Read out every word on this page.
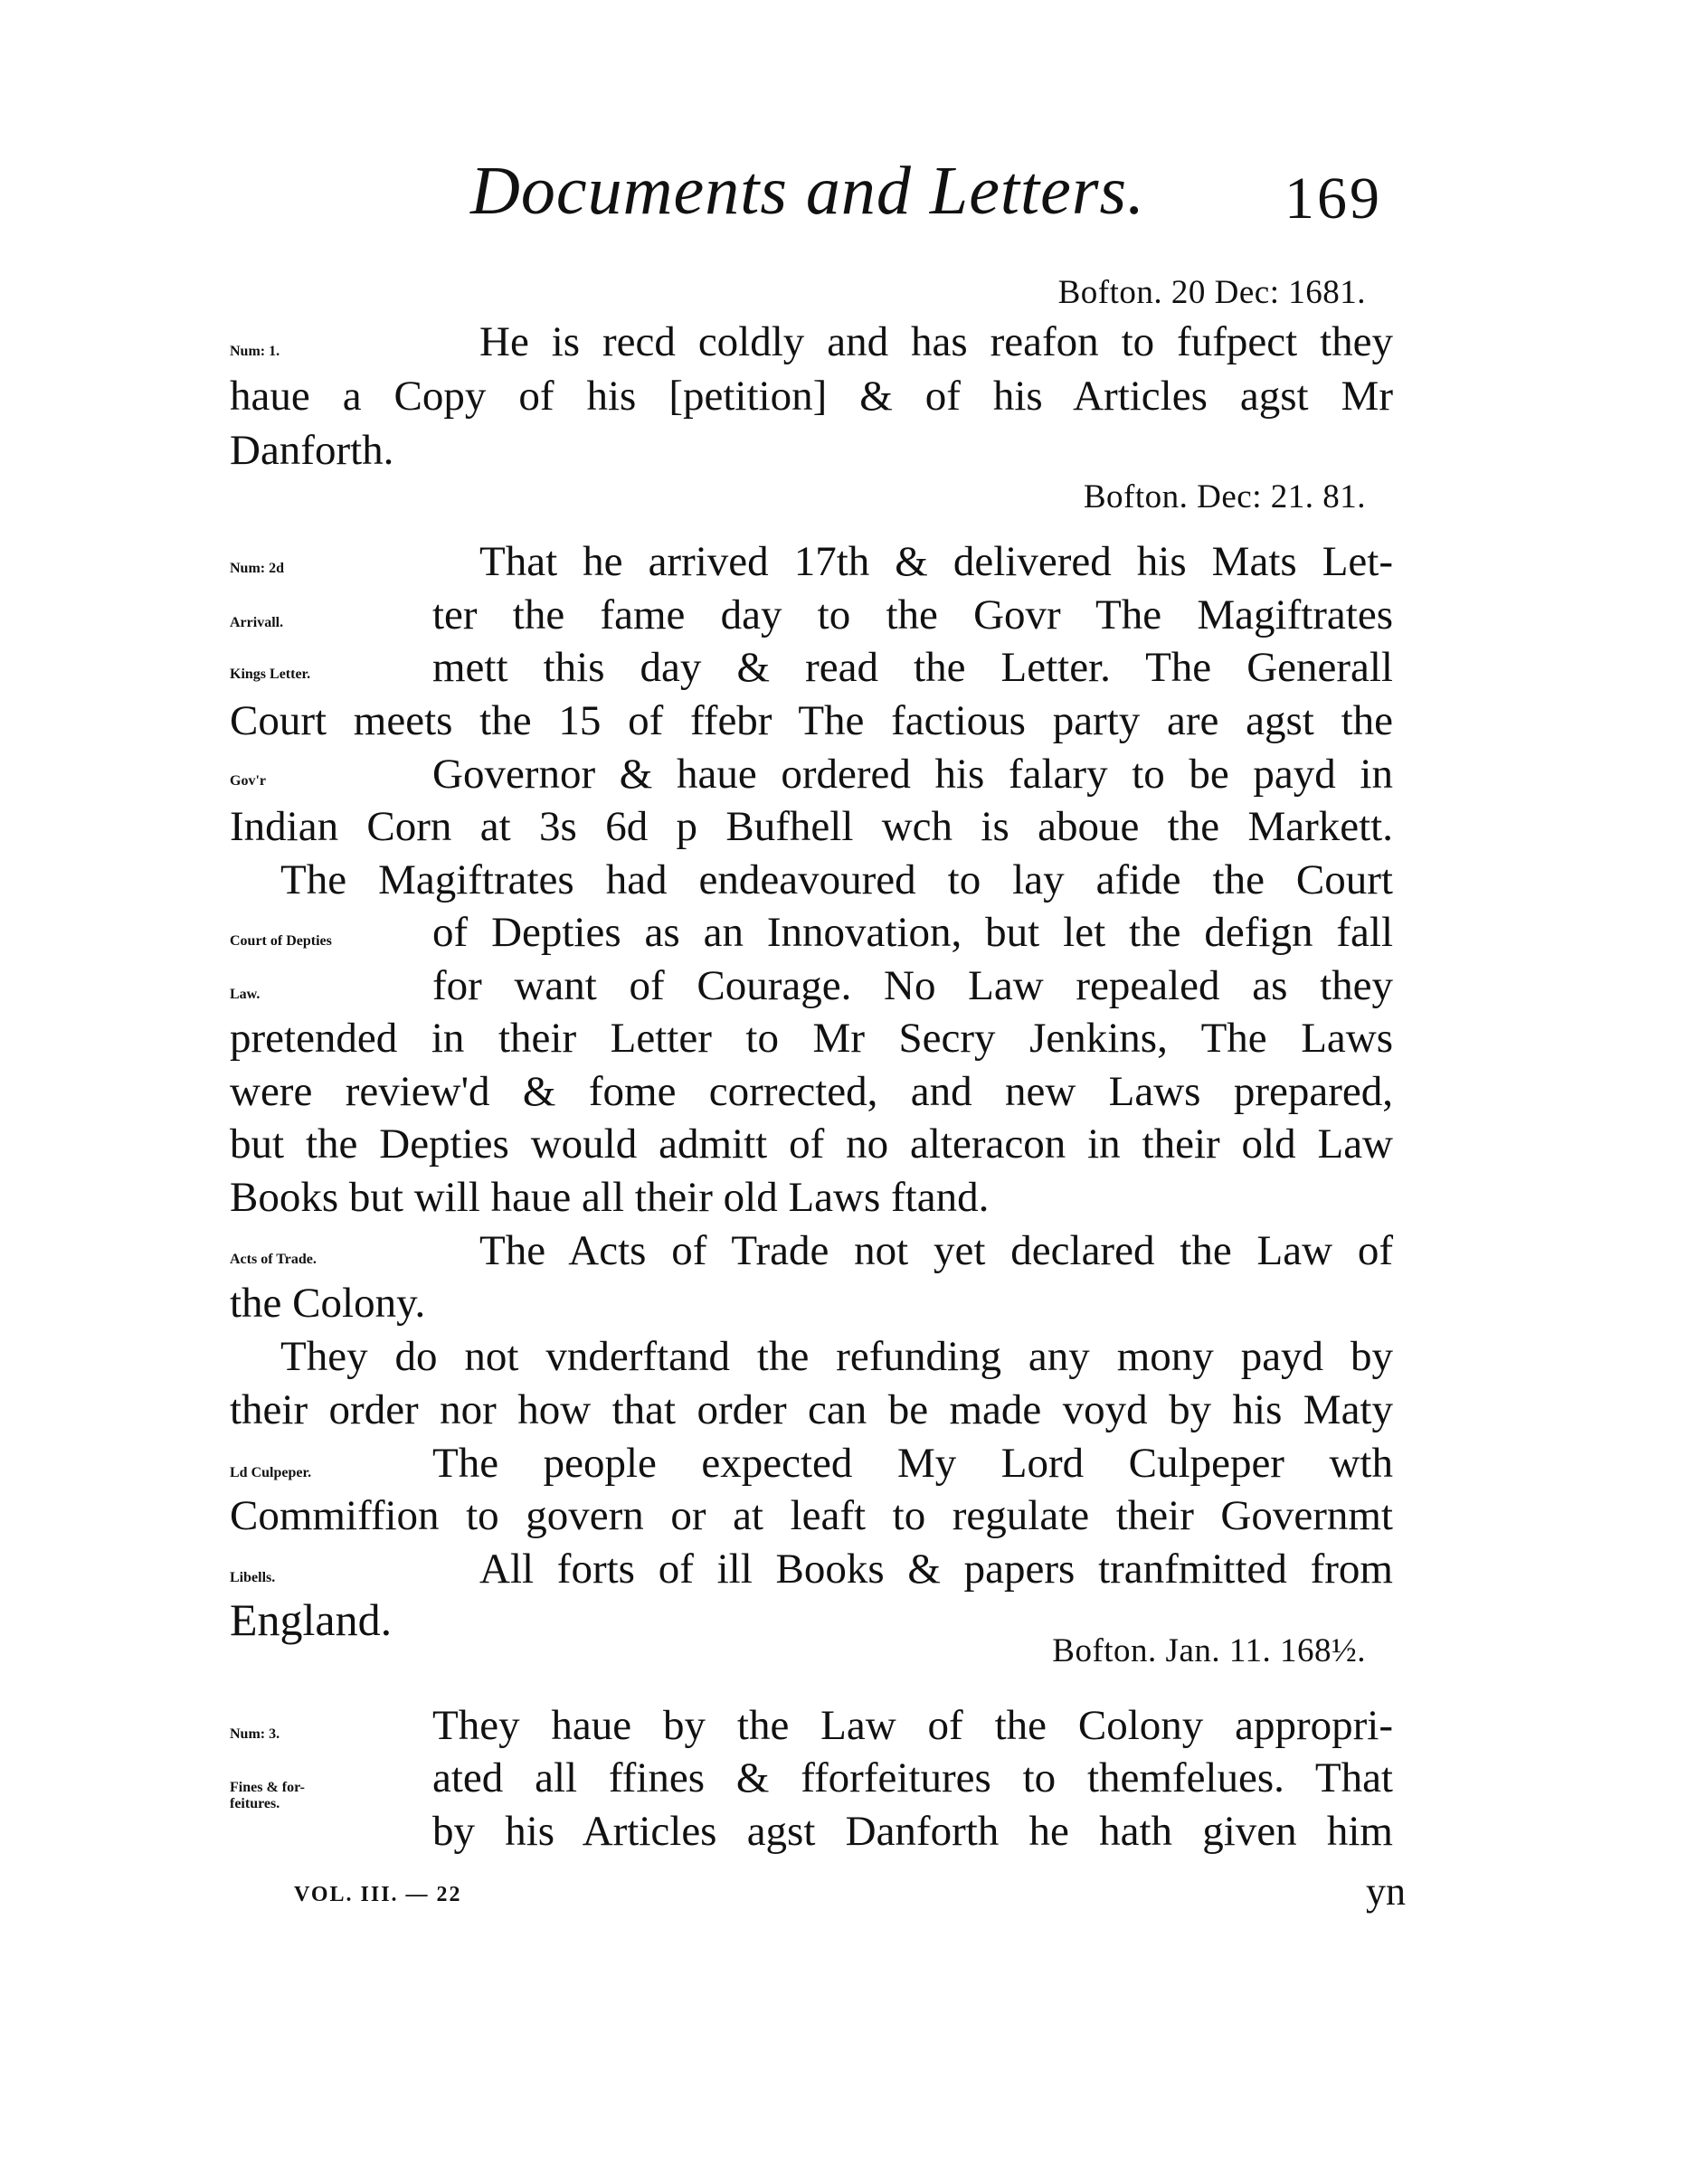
Documents and Letters. 169
Bofton. 20 Dec: 1681.
Bofton. Dec: 21. 81.
Bofton. Jan. 11. 168½.
Num: 1.
Num: 2d
Arrivall.
Kings Letter.
Gov'r
Court of Depties
Law.
Acts of Trade.
Ld Culpeper.
Libells.
Num: 3.
Fines & for-
feitures.
He is recd coldly and has reafon to fufpect they
haue a Copy of his [petition] & of his Articles agst Mr
Danforth.
That he arrived 17th & delivered his Mats Let-
ter the fame day to the Govr The Magiftrates
mett this day & read the Letter. The Generall
Court meets the 15 of ffebr The factious party are agst the
Governor & haue ordered his falary to be payd in
Indian Corn at 3s 6d p Bufhell wch is aboue the Markett.
The Magiftrates had endeavoured to lay afide the Court
of Depties as an Innovation, but let the defign fall
for want of Courage. No Law repealed as they
pretended in their Letter to Mr Secry Jenkins, The Laws
were review'd & fome corrected, and new Laws prepared,
but the Depties would admitt of no alteracon in their old Law
Books but will haue all their old Laws ftand.
The Acts of Trade not yet declared the Law of
the Colony.
They do not vnderftand the refunding any mony payd by
their order nor how that order can be made voyd by his Maty
The people expected My Lord Culpeper wth
Commiffion to govern or at leaft to regulate their Governmt
All forts of ill Books & papers tranfmitted from
England.
They haue by the Law of the Colony appropri-
ated all ffines & fforfeitures to themfelues. That
by his Articles agst Danforth he hath given him
VOL. III. — 22	yn
